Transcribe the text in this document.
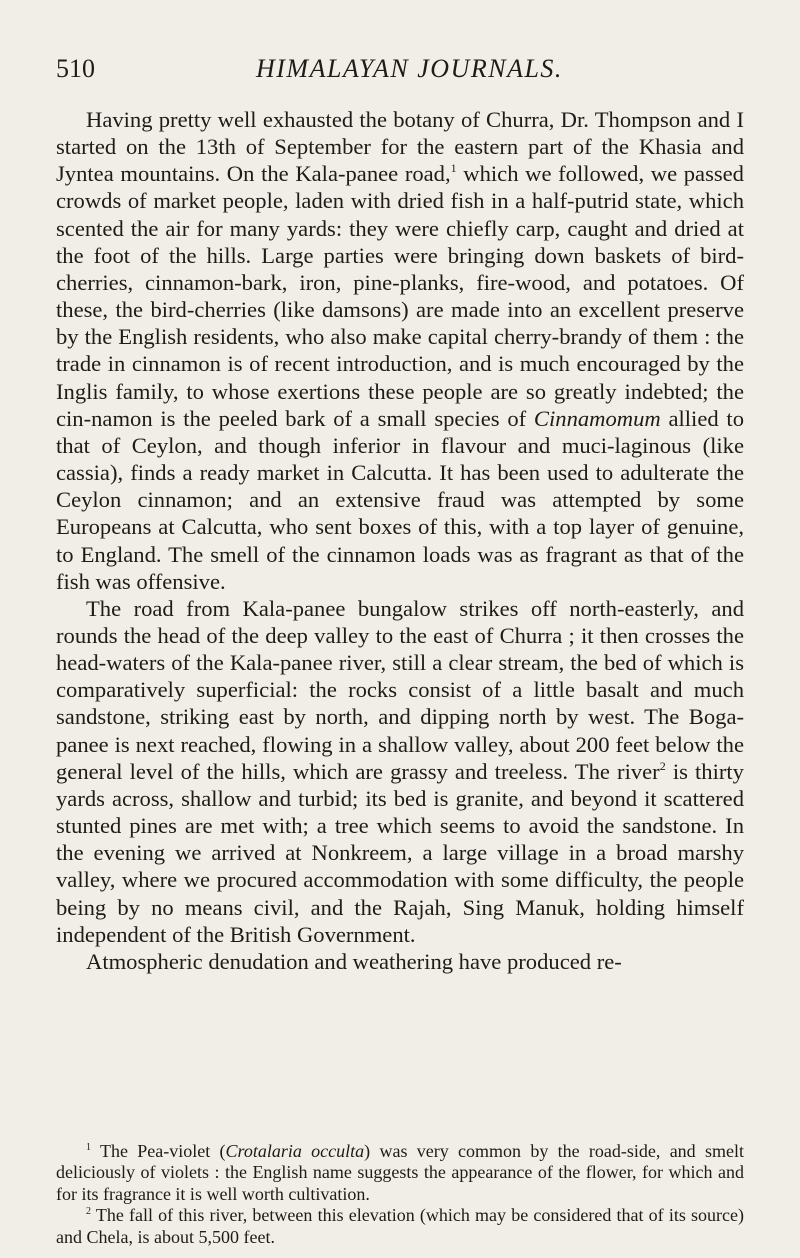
510	HIMALAYAN JOURNALS.

Having pretty well exhausted the botany of Churra, Dr. Thompson and I started on the 13th of September for the eastern part of the Khasia and Jyntea mountains. On the Kala-panee road,$^1$ which we followed, we passed crowds of market people, laden with dried fish in a half-putrid state, which scented the air for many yards: they were chiefly carp, caught and dried at the foot of the hills. Large parties were bringing down baskets of bird-cherries, cinnamon-bark, iron, pine-planks, fire-wood, and potatoes. Of these, the bird-cherries (like damsons) are made into an excellent preserve by the English residents, who also make capital cherry-brandy of them : the trade in cinnamon is of recent introduction, and is much encouraged by the Inglis family, to whose exertions these people are so greatly indebted; the cin-namon is the peeled bark of a small species of Cinnamomum allied to that of Ceylon, and though inferior in flavour and muci-laginous (like cassia), finds a ready market in Calcutta. It has been used to adulterate the Ceylon cinnamon; and an extensive fraud was attempted by some Europeans at Calcutta, who sent boxes of this, with a top layer of genuine, to England. The smell of the cinnamon loads was as fragrant as that of the fish was offensive.

The road from Kala-panee bungalow strikes off north-easterly, and rounds the head of the deep valley to the east of Churra ; it then crosses the head-waters of the Kala-panee river, still a clear stream, the bed of which is comparatively superficial: the rocks consist of a little basalt and much sandstone, striking east by north, and dipping north by west. The Boga-panee is next reached, flowing in a shallow valley, about 200 feet below the general level of the hills, which are grassy and treeless. The river$^2$ is thirty yards across, shallow and turbid; its bed is granite, and beyond it scattered stunted pines are met with; a tree which seems to avoid the sandstone. In the evening we arrived at Nonkreem, a large village in a broad marshy valley, where we procured accommodation with some difficulty, the people being by no means civil, and the Rajah, Sing Manuk, holding himself independent of the British Government.

Atmospheric denudation and weathering have produced re-

$^1$ The Pea-violet (Crotalaria occulta) was very common by the road-side, and smelt deliciously of violets : the English name suggests the appearance of the flower, for which and for its fragrance it is well worth cultivation.

$^2$ The fall of this river, between this elevation (which may be considered that of its source) and Chela, is about 5,500 feet.
